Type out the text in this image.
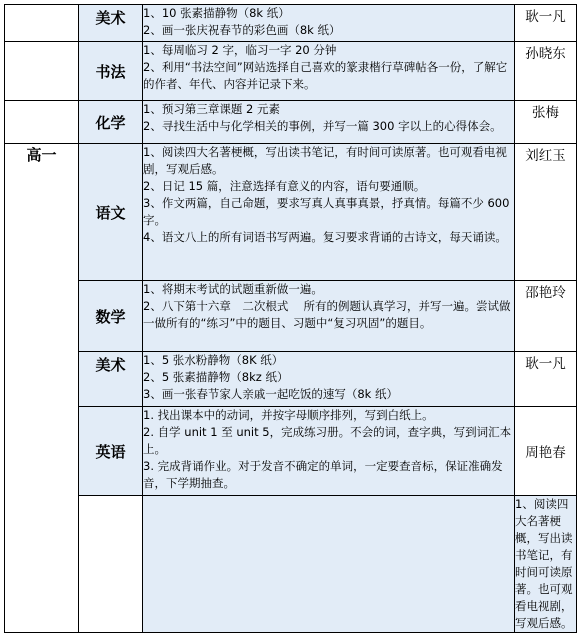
	美术	1、10 张素描静物（8k 纸）
2、画一张庆祝春节的彩色画（8k 纸）	耿一凡	

	书法	1、每周临习 2 字，临习一字 20 分钟
2、利用“书法空间”网站选择自己喜欢的篆隶楷行草碑帖各一份，了解它的作者、年代、内容并记录下来。	孙晓东	

	化学	1、预习第三章课题 2 元素
2、寻找生活中与化学相关的事例，并写一篇 300 字以上的心得体会。	张梅	
高一	语文	1、阅读四大名著梗概，写出读书笔记，有时间可读原著。也可观看电视剧，写观后感。
2、日记 15 篇，注意选择有意义的内容，语句要通顺。
3、作文两篇，自己命题，要求写真人真事真景，抒真情。每篇不少 600 字。
4、语文八上的所有词语书写两遍。复习要求背诵的古诗文，每天诵读。	刘红玉	

	数学	1、将期末考试的试题重新做一遍。
2、八下第十六章　二次根式　 所有的例题认真学习，并写一遍。尝试做一做所有的“练习”中的题目、习题中“复习巩固”的题目。	邵艳玲	

	美术	1、5 张水粉静物（8K 纸）
2、5 张素描静物（8kz 纸）
3、画一张春节家人亲戚一起吃饭的速写（8k 纸）	耿一凡	

	英语	1. 找出课本中的动词，并按字母顺序排列，写到白纸上。
2. 自学 unit 1 至 unit 5，完成练习册。不会的词，查字典，写到词汇本上。
3. 完成背诵作业。对于发音不确定的单词，一定要查音标，保证准确发音，下学期抽查。	周艳春	

			1、阅读四大名著梗概，写出读书笔记，有时间可读原著。也可观看电视剧，写观后感。
